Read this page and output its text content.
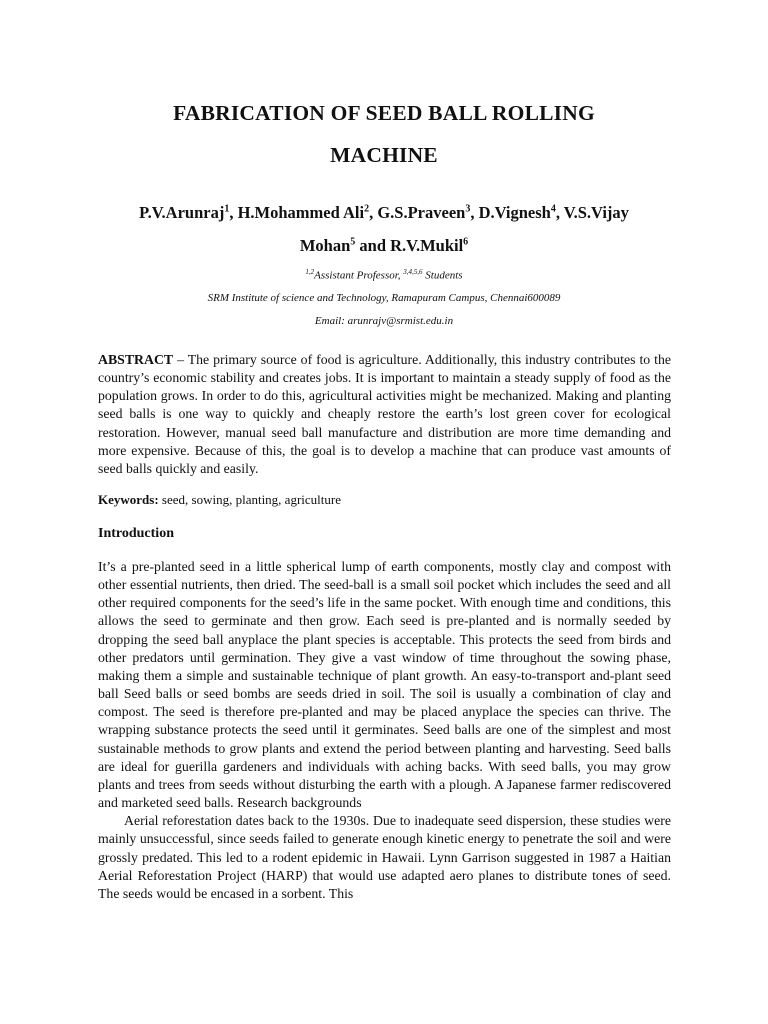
FABRICATION OF SEED BALL ROLLING
MACHINE
P.V.Arunraj$^1$, H.Mohammed Ali$^2$, G.S.Praveen$^3$, D.Vignesh$^4$, V.S.Vijay
Mohan$^5$ and R.V.Mukil$^6$
$^{1,2}$Assistant Professor, $^{3,4,5,6}$ Students
SRM Institute of science and Technology, Ramapuram Campus, Chennai600089
Email: arunrajv@srmist.edu.in

ABSTRACT – The primary source of food is agriculture. Additionally, this industry contributes to the country’s economic stability and creates jobs. It is important to maintain a steady supply of food as the population grows. In order to do this, agricultural activities might be mechanized. Making and planting seed balls is one way to quickly and cheaply restore the earth’s lost green cover for ecological restoration. However, manual seed ball manufacture and distribution are more time demanding and more expensive. Because of this, the goal is to develop a machine that can produce vast amounts of seed balls quickly and easily.

Keywords: seed, sowing, planting, agriculture
Introduction

It’s a pre-planted seed in a little spherical lump of earth components, mostly clay and compost with other essential nutrients, then dried. The seed-ball is a small soil pocket which includes the seed and all other required components for the seed’s life in the same pocket. With enough time and conditions, this allows the seed to germinate and then grow. Each seed is pre-planted and is normally seeded by dropping the seed ball anyplace the plant species is acceptable. This protects the seed from birds and other predators until germination. They give a vast window of time throughout the sowing phase, making them a simple and sustainable technique of plant growth. An easy-to-transport and-plant seed ball Seed balls or seed bombs are seeds dried in soil. The soil is usually a combination of clay and compost. The seed is therefore pre-planted and may be placed anyplace the species can thrive. The wrapping substance protects the seed until it germinates. Seed balls are one of the simplest and most sustainable methods to grow plants and extend the period between planting and harvesting. Seed balls are ideal for guerilla gardeners and individuals with aching backs. With seed balls, you may grow plants and trees from seeds without disturbing the earth with a plough. A Japanese farmer rediscovered and marketed seed balls. Research backgrounds

Aerial reforestation dates back to the 1930s. Due to inadequate seed dispersion, these studies were mainly unsuccessful, since seeds failed to generate enough kinetic energy to penetrate the soil and were grossly predated. This led to a rodent epidemic in Hawaii. Lynn Garrison suggested in 1987 a Haitian Aerial Reforestation Project (HARP) that would use adapted aero planes to distribute tones of seed. The seeds would be encased in a sorbent. This
